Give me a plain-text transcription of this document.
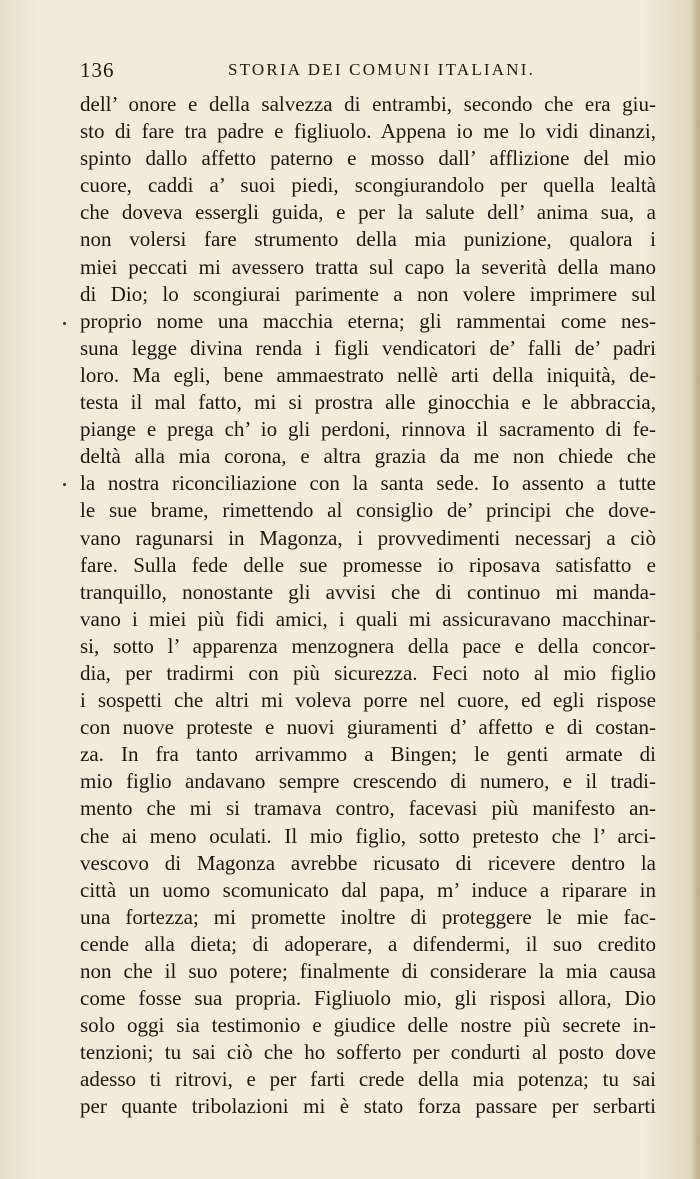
136	STORIA DEI COMUNI ITALIANI.
dell’ onore e della salvezza di entrambi, secondo che era giu-
sto di fare tra padre e figliuolo. Appena io me lo vidi dinanzi,
spinto dallo affetto paterno e mosso dall’ afflizione del mio
cuore, caddi a’ suoi piedi, scongiurandolo per quella lealtà
che doveva essergli guida, e per la salute dell’ anima sua, a
non volersi fare strumento della mia punizione, qualora i
miei peccati mi avessero tratta sul capo la severità della mano
di Dio; lo scongiurai parimente a non volere imprimere sul
proprio nome una macchia eterna; gli rammentai come nes-
suna legge divina renda i figli vendicatori de’ falli de’ padri
loro. Ma egli, bene ammaestrato nellè arti della iniquità, de-
testa il mal fatto, mi si prostra alle ginocchia e le abbraccia,
piange e prega ch’ io gli perdoni, rinnova il sacramento di fe-
deltà alla mia corona, e altra grazia da me non chiede che
la nostra riconciliazione con la santa sede. Io assento a tutte
le sue brame, rimettendo al consiglio de’ principi che dove-
vano ragunarsi in Magonza, i provvedimenti necessarj a ciò
fare. Sulla fede delle sue promesse io riposava satisfatto e
tranquillo, nonostante gli avvisi che di continuo mi manda-
vano i miei più fidi amici, i quali mi assicuravano macchinar-
si, sotto l’ apparenza menzognera della pace e della concor-
dia, per tradirmi con più sicurezza. Feci noto al mio figlio
i sospetti che altri mi voleva porre nel cuore, ed egli rispose
con nuove proteste e nuovi giuramenti d’ affetto e di costan-
za. In fra tanto arrivammo a Bingen; le genti armate di
mio figlio andavano sempre crescendo di numero, e il tradi-
mento che mi si tramava contro, facevasi più manifesto an-
che ai meno oculati. Il mio figlio, sotto pretesto che l’ arci-
vescovo di Magonza avrebbe ricusato di ricevere dentro la
città un uomo scomunicato dal papa, m’ induce a riparare in
una fortezza; mi promette inoltre di proteggere le mie fac-
cende alla dieta; di adoperare, a difendermi, il suo credito
non che il suo potere; finalmente di considerare la mia causa
come fosse sua propria. Figliuolo mio, gli risposi allora, Dio
solo oggi sia testimonio e giudice delle nostre più secrete in-
tenzioni; tu sai ciò che ho sofferto per condurti al posto dove
adesso ti ritrovi, e per farti crede della mia potenza; tu sai
per quante tribolazioni mi è stato forza passare per serbarti
